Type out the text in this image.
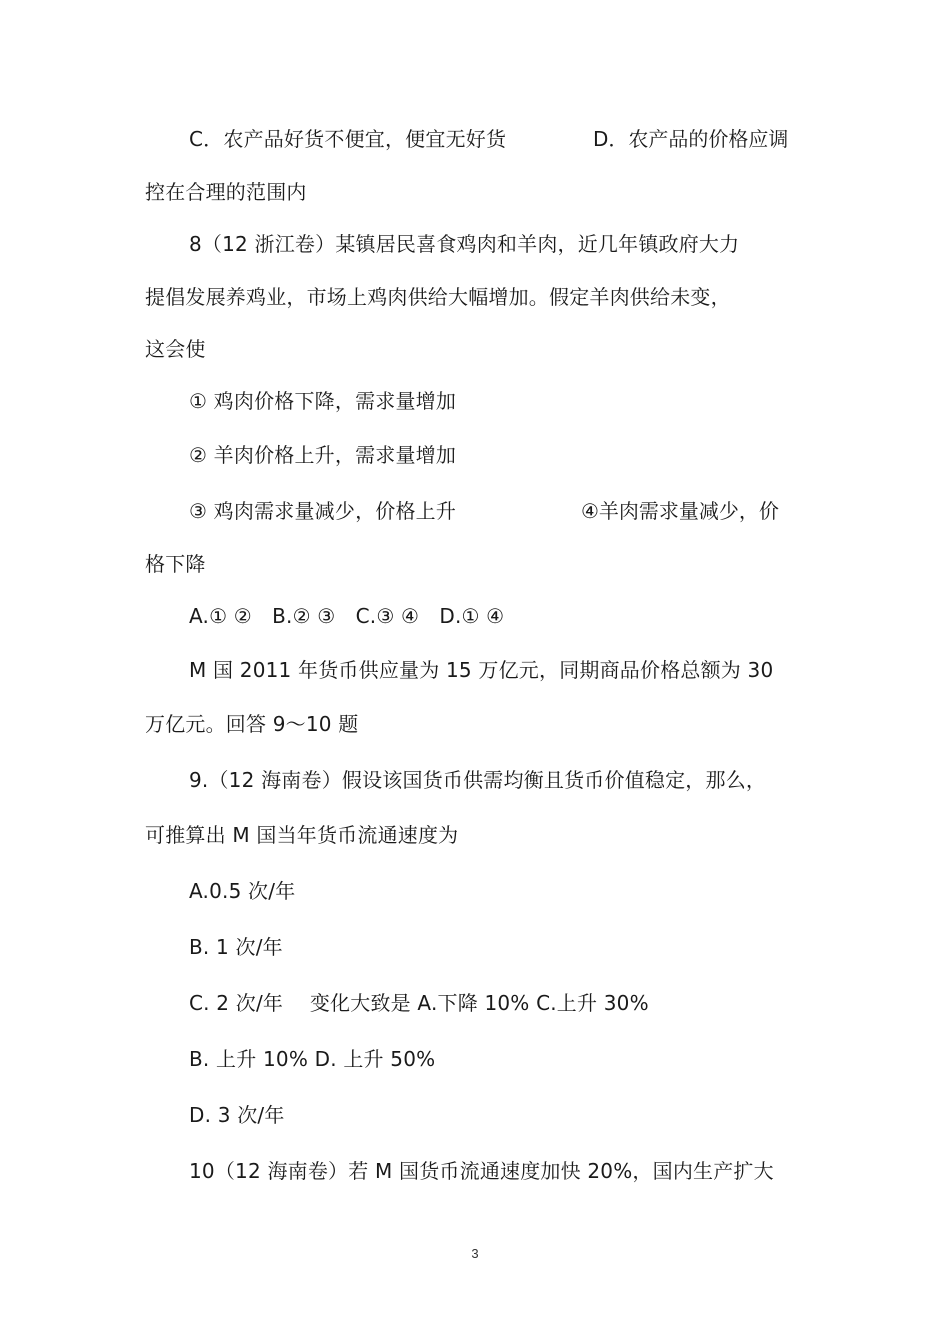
C．农产品好货不便宜，便宜无好货	D．农产品的价格应调
控在合理的范围内
8（12 浙江卷）某镇居民喜食鸡肉和羊肉，近几年镇政府大力
提倡发展养鸡业，市场上鸡肉供给大幅增加。假定羊肉供给未变，
这会使
① 鸡肉价格下降，需求量增加
② 羊肉价格上升，需求量增加
③ 鸡肉需求量减少，价格上升	④羊肉需求量减少，价
格下降
A.① ②　B.② ③　C.③ ④　D.① ④
M 国 2011 年货币供应量为 15 万亿元，同期商品价格总额为 30
万亿元。回答 9～10 题
9.（12 海南卷）假设该国货币供需均衡且货币价值稳定，那么，
可推算出 M 国当年货币流通速度为
A.0.5 次/年
B. 1 次/年
C. 2 次/年　 变化大致是 A.下降 10% C.上升 30%
B. 上升 10% D. 上升 50%
D. 3 次/年
10（12 海南卷）若 M 国货币流通速度加快 20%，国内生产扩大
3
